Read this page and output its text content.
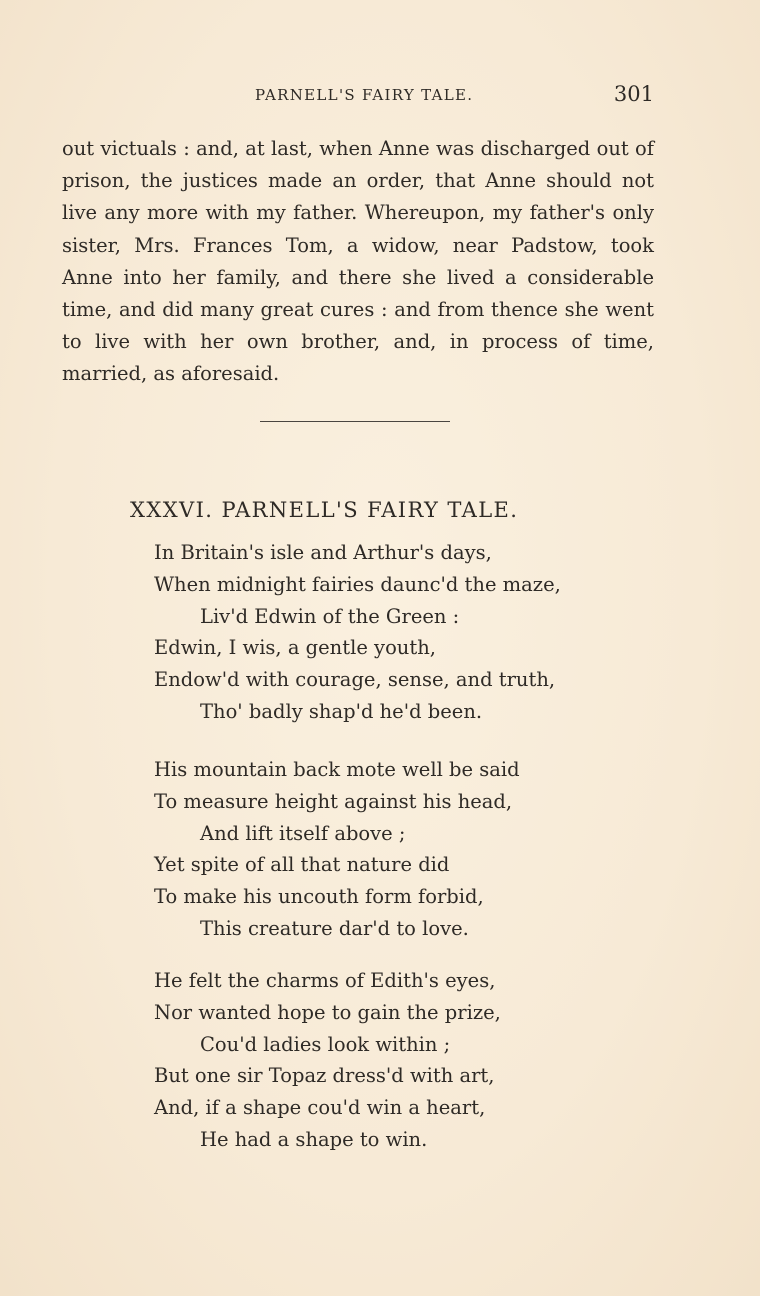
PARNELL'S FAIRY TALE.	301

out victuals : and, at last, when Anne was discharged out of prison, the justices made an order, that Anne should not live any more with my father. Whereupon, my father's only sister, Mrs. Frances Tom, a widow, near Padstow, took Anne into her family, and there she lived a considerable time, and did many great cures : and from thence she went to live with her own brother, and, in process of time, married, as aforesaid.

XXXVI. PARNELL'S FAIRY TALE.
In Britain's isle and Arthur's days,
When midnight fairies daunc'd the maze,
Liv'd Edwin of the Green :
Edwin, I wis, a gentle youth,
Endow'd with courage, sense, and truth,
Tho' badly shap'd he'd been.
His mountain back mote well be said
To measure height against his head,
And lift itself above ;
Yet spite of all that nature did
To make his uncouth form forbid,
This creature dar'd to love.
He felt the charms of Edith's eyes,
Nor wanted hope to gain the prize,
Cou'd ladies look within ;
But one sir Topaz dress'd with art,
And, if a shape cou'd win a heart,
He had a shape to win.
